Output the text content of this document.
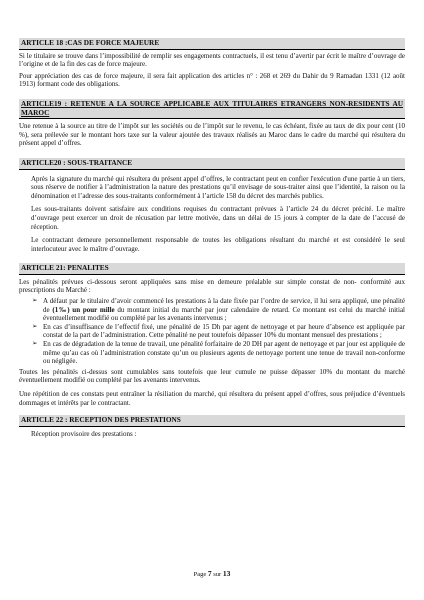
ARTICLE 18 :CAS DE FORCE MAJEURE

Si le titulaire se trouve dans l’impossibilité de remplir ses engagements contractuels, il est tenu d’avertir par écrit le maître d’ouvrage de l’origine et de la fin des cas de force majeure.

Pour appréciation des cas de force majeure, il sera fait application des articles n° : 268 et 269 du Dahir du 9 Ramadan 1331 (12 août 1913) formant code des obligations.

ARTICLE19 : RETENUE A LA SOURCE APPLICABLE AUX TITULAIRES ETRANGERS NON-RESIDENTS AU MAROC

Une retenue à la source au titre de l’impôt sur les sociétés ou de l’impôt sur le revenu, le cas échéant, fixée au taux de dix pour cent (10 %), sera prélevée sur le montant hors taxe sur la valeur ajoutée des travaux réalisés au Maroc dans le cadre du marché qui résultera du présent appel d’offres.

ARTICLE20 : SOUS-TRAITANCE

Après la signature du marché qui résultera du présent appel d’offres, le contractant peut en confier l'exécution d'une partie à un tiers, sous réserve de notifier à l’administration la nature des prestations qu’il envisage de sous-traiter ainsi que l’identité, la raison ou la dénomination et l’adresse des sous-traitants conformément à l’article 158 du décret des marchés publics.

Les sous-traitants doivent satisfaire aux conditions requises du contractant prévues à l’article 24 du décret précité. Le maître d’ouvrage peut exercer un droit de récusation par lettre motivée, dans un délai de 15 jours à compter de la date de l’accusé de réception.

Le contractant demeure personnellement responsable de toutes les obligations résultant du marché et est considéré le seul interlocuteur avec le maître d’ouvrage.

ARTICLE 21: PENALITES

Les pénalités prévues ci-dessous seront appliquées sans mise en demeure préalable sur simple constat de non- conformité aux prescriptions du Marché :

➢ A défaut par le titulaire d’avoir commencé les prestations à la date fixée par l’ordre de service, il lui sera appliqué, une pénalité de (1‰) un pour mille du montant initial du marché par jour calendaire de retard. Ce montant est celui du marché initial éventuellement modifié ou complété par les avenants intervenus ;
➢ En cas d’insuffisance de l’effectif fixé, une pénalité de 15 Dh par agent de nettoyage et par heure d’absence est appliquée par constat de la part de l’administration. Cette pénalité ne peut toutefois dépasser 10% du montant mensuel des prestations ;
➢ En cas de dégradation de la tenue de travail, une pénalité forfaitaire de 20 DH par agent de nettoyage et par jour est appliquée de même qu’au cas où l’administration constate qu’un ou plusieurs agents de nettoyage portent une tenue de travail non-conforme ou négligée.

Toutes les pénalités ci-dessus sont cumulables sans toutefois que leur cumule ne puisse dépasser 10% du montant du marché éventuellement modifié ou complété par les avenants intervenus.

Une répétition de ces constats peut entraîner la résiliation du marché, qui résultera du présent appel d’offres, sous préjudice d’éventuels dommages et intérêts par le contractant.

ARTICLE 22 : RECEPTION DES PRESTATIONS

Réception provisoire des prestations :

Page 7 sur 13
